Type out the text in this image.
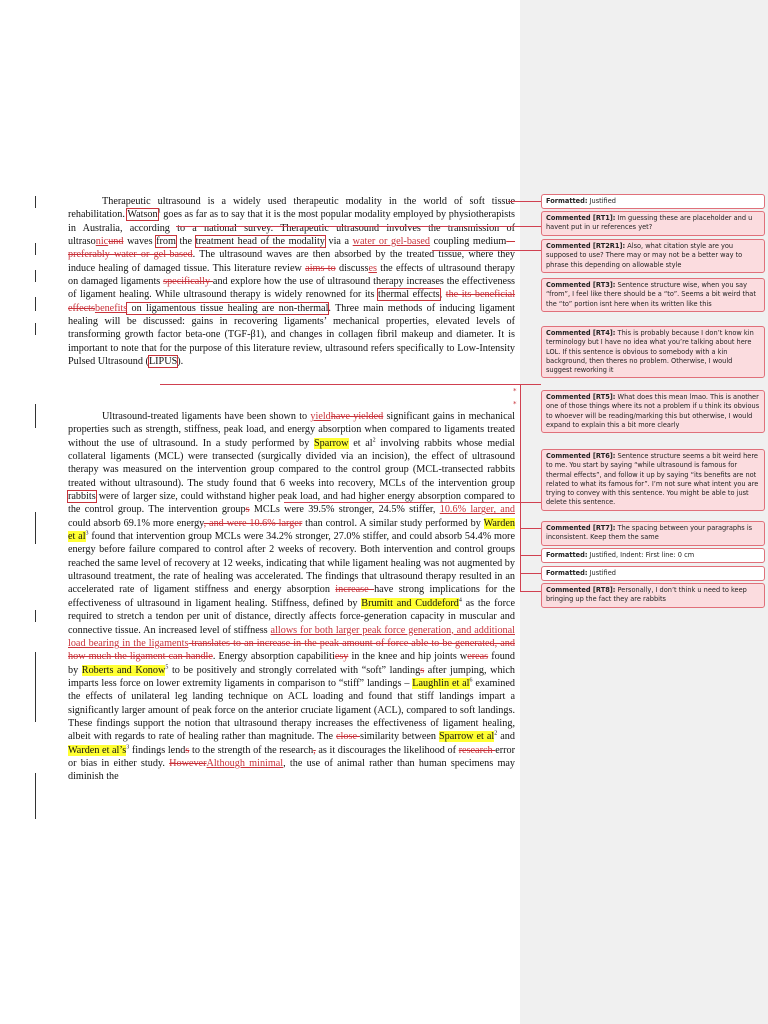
Therapeutic ultrasound is a widely used therapeutic modality in the world of soft tissue rehabilitation. Watson$^1$ goes as far as to say that it is the most popular modality employed by physiotherapists in Australia, according to a national survey. Therapeutic ultrasound involves the transmission of ultrasonicund waves from the treatment head of the modality via a water or gel-based coupling medium – preferably water or gel-based. The ultrasound waves are then absorbed by the treated tissue, where they induce healing of damaged tissue. This literature review aims to discusses the effects of ultrasound therapy on damaged ligaments specifically and explore how the use of ultrasound therapy increases the effectiveness of ligament healing. While ultrasound therapy is widely renowned for its thermal effects, the its beneficial effectsbenefits on ligamentous tissue healing are non-thermal. Three main methods of inducing ligament healing will be discussed: gains in recovering ligaments’ mechanical properties, elevated levels of transforming growth factor beta-one (TGF-β1), and changes in collagen fibril makeup and diameter. It is important to note that for the purpose of this literature review, ultrasound refers specifically to Low-Intensity Pulsed Ultrasound (LIPUS).

Ultrasound-treated ligaments have been shown to yieldhave yielded significant gains in mechanical properties such as strength, stiffness, peak load, and energy absorption when compared to ligaments treated without the use of ultrasound. In a study performed by Sparrow et $al^2$ involving rabbits whose medial collateral ligaments (MCL) were transected (surgically divided via an incision), the effect of ultrasound therapy was measured on the intervention group compared to the control group (MCL-transected rabbits treated without ultrasound). The study found that 6 weeks into recovery, MCLs of the intervention group rabbits were of larger size, could withstand higher peak load, and had higher energy absorption compared to the control group. The intervention groups MCLs were 39.5% stronger, 24.5% stiffer, 10.6% larger, and could absorb 69.1% more energy, and were 10.6% larger than control. A similar study performed by Warden et $al^3$ found that intervention group MCLs were 34.2% stronger, 27.0% stiffer, and could absorb 54.4% more energy before failure compared to control after 2 weeks of recovery. Both intervention and control groups reached the same level of recovery at 12 weeks, indicating that while ligament healing was not augmented by ultrasound treatment, the rate of healing was accelerated. The findings that ultrasound therapy resulted in an accelerated rate of ligament stiffness and energy absorption increase have strong implications for the effectiveness of ultrasound in ligament healing. Stiffness, defined by Brumitt and Cuddeford$^4$ as the force required to stretch a tendon per unit of distance, directly affects force-generation capacity in muscular and connective tissue. An increased level of stiffness allows for both larger peak force generation, and additional load bearing in the ligaments translates to an increase in the peak amount of force able to be generated, and how much the ligament can handle. Energy absorption capabilitiesy in the knee and hip joints wereas found by Roberts and Konow$^5$ to be positively and strongly correlated with “soft” landings after jumping, which imparts less force on lower extremity ligaments in comparison to “stiff” landings – Laughlin et $al^6$ examined the effects of unilateral leg landing technique on ACL loading and found that stiff landings impart a significantly larger amount of peak force on the anterior cruciate ligament (ACL), compared to soft landings. These findings support the notion that ultrasound therapy increases the effectiveness of ligament healing, albeit with regards to rate of healing rather than magnitude. The close similarity between Sparrow et $al^2$ and Warden et $al’s^3$ findings lends to the strength of the research, as it discourages the likelihood of research error or bias in either study. HoweverAlthough minimal, the use of animal rather than human specimens may diminish the

*
*
Formatted: Justified
Commented [RT1]: Im guessing these are placeholder and u havent put in ur references yet?
Commented [RT2R1]: Also, what citation style are you supposed to use? There may or may not be a better way to phrase this depending on allowable style
Commented [RT3]: Sentence structure wise, when you say “from”, I feel like there should be a “to”. Seems a bit weird that the “to” portion isnt here when its written like this
Commented [RT4]: This is probably because I don’t know kin terminology but I have no idea what you’re talking about here LOL. If this sentence is obvious to somebody with a kin background, then theres no problem. Otherwise, I would suggest reworking it
Commented [RT5]: What does this mean lmao. This is another one of those things where its not a problem if u think its obvious to whoever will be reading/marking this but otherwise, I would expand to explain this a bit more clearly
Commented [RT6]: Sentence structure seems a bit weird here to me. You start by saying “while ultrasound is famous for thermal effects”, and follow it up by saying “its benefits are not related to what its famous for”. I’m not sure what intent you are trying to convey with this sentence. You might be able to just delete this sentence.
Commented [RT7]: The spacing between your paragraphs is inconsistent. Keep them the same
Formatted: Justified, Indent: First line: 0 cm
Formatted: Justified
Commented [RT8]: Personally, I don’t think u need to keep bringing up the fact they are rabbits
